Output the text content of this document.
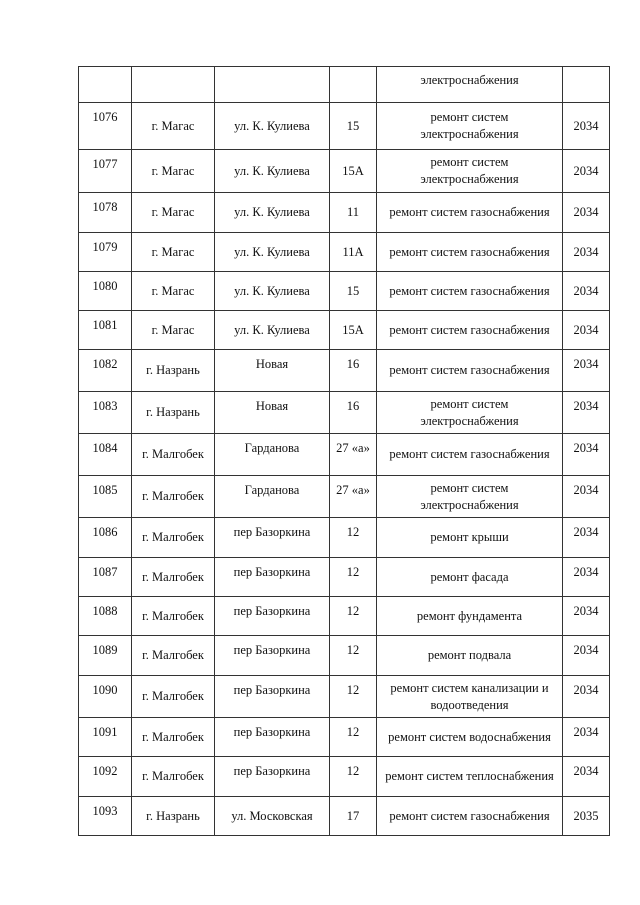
				электроснабжения	
1076	г. Магас	ул. К. Кулиева	15	ремонт систем электроснабжения	2034
1077	г. Магас	ул. К. Кулиева	15А	ремонт систем электроснабжения	2034
1078	г. Магас	ул. К. Кулиева	11	ремонт систем газоснабжения	2034
1079	г. Магас	ул. К. Кулиева	11А	ремонт систем газоснабжения	2034
1080	г. Магас	ул. К. Кулиева	15	ремонт систем газоснабжения	2034
1081	г. Магас	ул. К. Кулиева	15А	ремонт систем газоснабжения	2034
1082	г. Назрань	Новая	16	ремонт систем газоснабжения	2034
1083	г. Назрань	Новая	16	ремонт систем электроснабжения	2034
1084	г. Малгобек	Гарданова	27 «а»	ремонт систем газоснабжения	2034
1085	г. Малгобек	Гарданова	27 «а»	ремонт систем электроснабжения	2034
1086	г. Малгобек	пер Базоркина	12	ремонт крыши	2034
1087	г. Малгобек	пер Базоркина	12	ремонт фасада	2034
1088	г. Малгобек	пер Базоркина	12	ремонт фундамента	2034
1089	г. Малгобек	пер Базоркина	12	ремонт подвала	2034
1090	г. Малгобек	пер Базоркина	12	ремонт систем канализации и водоотведения	2034
1091	г. Малгобек	пер Базоркина	12	ремонт систем водоснабжения	2034
1092	г. Малгобек	пер Базоркина	12	ремонт систем теплоснабжения	2034
1093	г. Назрань	ул. Московская	17	ремонт систем газоснабжения	2035
